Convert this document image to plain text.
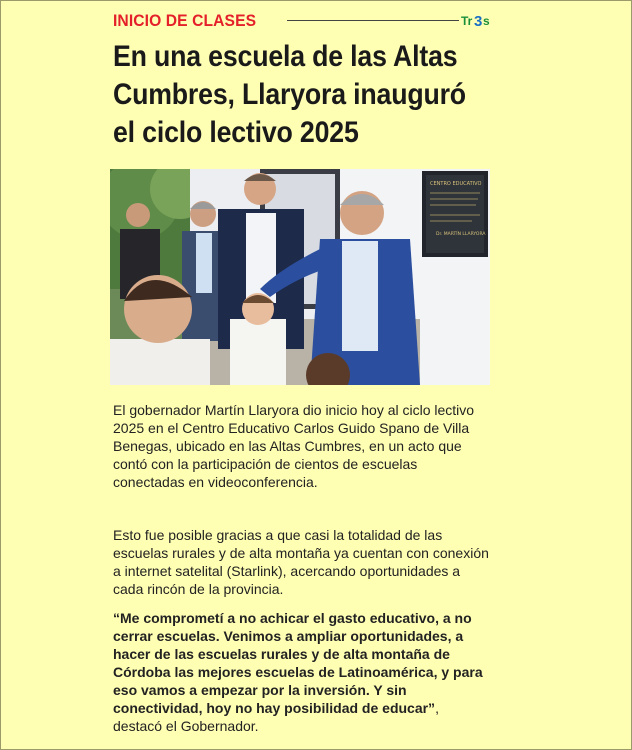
INICIO DE CLASES	Tr 3 s
En una escuela de las Altas Cumbres, Llaryora inauguró el ciclo lectivo 2025
CENTRO EDUCATIVO
Dr. MARTÍN LLARYORA

El gobernador Martín Llaryora dio inicio hoy al ciclo lectivo 2025 en el Centro Educativo Carlos Guido Spano de Villa Benegas, ubicado en las Altas Cumbres, en un acto que contó con la participación de cientos de escuelas conectadas en videoconferencia.

Esto fue posible gracias a que casi la totalidad de las escuelas rurales y de alta montaña ya cuentan con conexión a internet satelital (Starlink), acercando oportunidades a cada rincón de la provincia.

“Me comprometí a no achicar el gasto educativo, a no cerrar escuelas. Venimos a ampliar oportunidades, a hacer de las escuelas rurales y de alta montaña de Córdoba las mejores escuelas de Latinoamérica, y para eso vamos a empezar por la inversión. Y sin conectividad, hoy no hay posibilidad de educar”, destacó el Gobernador.
